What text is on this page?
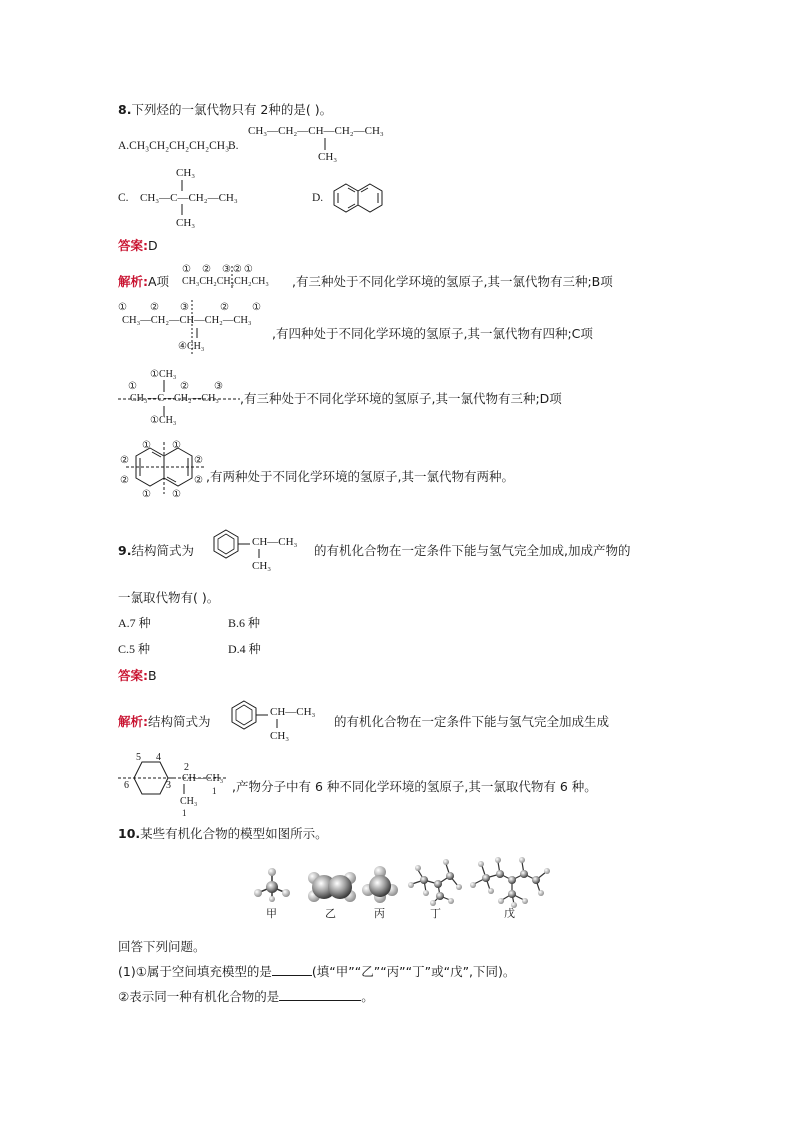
8.下列烃的一氯代物只有 2种的是( )。
A.CH₃CH₂CH₂CH₂CH₃
B.
CH₃—CH₂—CH—CH₂—CH₃
CH₃
C.
CH₃
CH₃—C—CH₂—CH₃
CH₃
D.
答案:D
解析:A项
① ② ③②①
CH₃CH₂CH₂CH₂CH₃ ,有三种处于不同化学环境的氢原子,其一氯代物有三种;B项
① ② ③	② ①
CH₃—CH₂—CH—CH₂—CH₃
④CH₃
,有四种处于不同化学环境的氢原子,其一氯代物有四种;C项
①CH₃
①	②	③
CH₃—C—CH₂—CH₃
①CH₃
,有三种处于不同化学环境的氢原子,其一氯代物有三种;D项
① ①
②	②
②	②
① ①
,有两种处于不同化学环境的氢原子,其一氯代物有两种。
9.结构简式为
CH—CH₃
CH₃
的有机化合物在一定条件下能与氢气完全加成,加成产物的
一氯取代物有( )。
A.7 种	B.6 种
C.5 种	D.4 种
答案:B
解析:结构简式为
CH—CH₃
CH₃
的有机化合物在一定条件下能与氢气完全加成生成
5 4
6	3
2
CH—CH₃
1
CH₃
1
,产物分子中有 6 种不同化学环境的氢原子,其一氯取代物有 6 种。
10.某些有机化合物的模型如图所示。
甲	乙	丙	丁	戊
回答下列问题。
(1)①属于空间填充模型的是	(填“甲”“乙”“丙”“丁”或“戊”,下同)。
②表示同一种有机化合物的是	。
